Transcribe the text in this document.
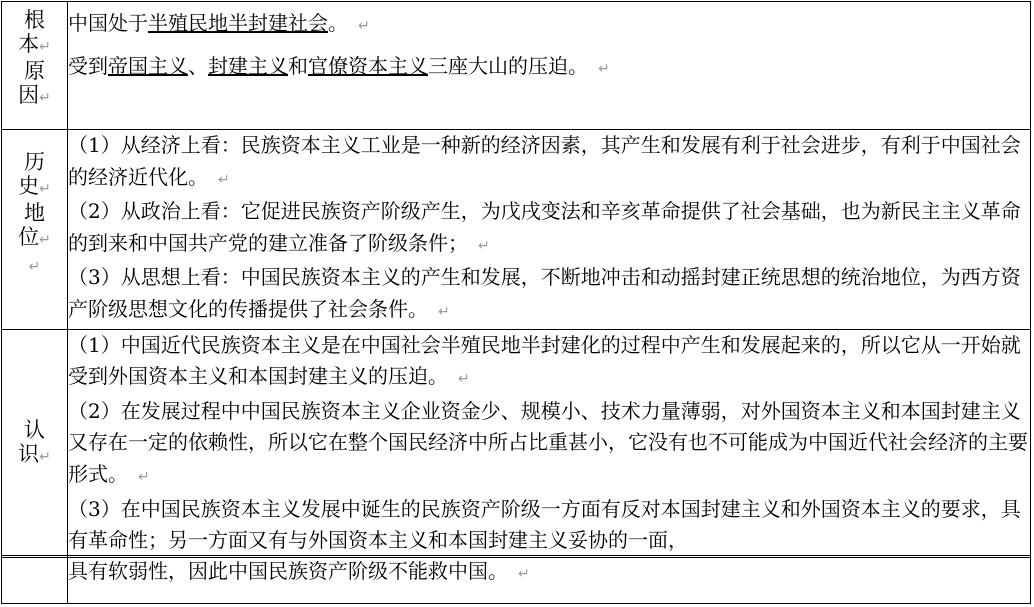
根
本↵
原
因↵	中国处于半殖民地半封建社会。 ↵
受到帝国主义、封建主义和官僚资本主义三座大山的压迫。 ↵

历
史↵
地
位↵
↵	（1）从经济上看：民族资本主义工业是一种新的经济因素，其产生和发展有利于社会进步，有利于中国社会的经济近代化。 ↵
（2）从政治上看：它促进民族资产阶级产生，为戊戌变法和辛亥革命提供了社会基础，也为新民主主义革命的到来和中国共产党的建立准备了阶级条件； ↵
（3）从思想上看：中国民族资本主义的产生和发展，不断地冲击和动摇封建正统思想的统治地位，为西方资产阶级思想文化的传播提供了社会条件。 ↵

认
识↵	（1）中国近代民族资本主义是在中国社会半殖民地半封建化的过程中产生和发展起来的，所以它从一开始就受到外国资本主义和本国封建主义的压迫。 ↵
（2）在发展过程中中国民族资本主义企业资金少、规模小、技术力量薄弱，对外国资本主义和本国封建主义又存在一定的依赖性，所以它在整个国民经济中所占比重甚小，它没有也不可能成为中国近代社会经济的主要形式。 ↵
（3）在中国民族资本主义发展中诞生的民族资产阶级一方面有反对本国封建主义和外国资本主义的要求，具有革命性；另一方面又有与外国资本主义和本国封建主义妥协的一面，

具有软弱性，因此中国民族资产阶级不能救中国。 ↵
